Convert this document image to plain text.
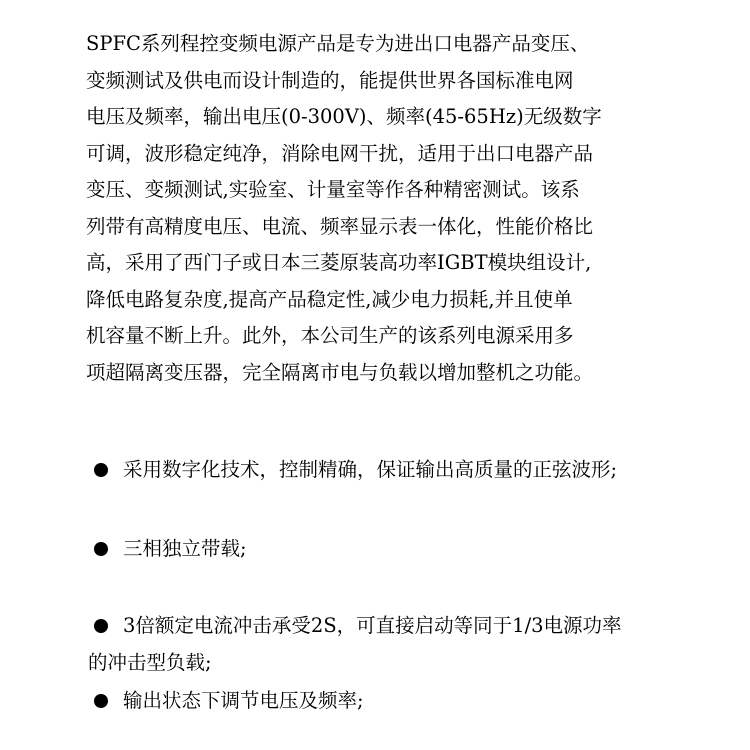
SPFC系列程控变频电源产品是专为进出口电器产品变压、
变频测试及供电而设计制造的，能提供世界各国标准电网
电压及频率，输出电压(0-300V)、频率(45-65Hz)无级数字
可调，波形稳定纯净，消除电网干扰，适用于出口电器产品
变压、变频测试,实验室、计量室等作各种精密测试。该系
列带有高精度电压、电流、频率显示表一体化，性能价格比
高，采用了西门子或日本三菱原装高功率IGBT模块组设计,
降低电路复杂度,提高产品稳定性,减少电力损耗,并且使单
机容量不断上升。此外，本公司生产的该系列电源采用多
项超隔离变压器，完全隔离市电与负载以增加整机之功能。
采用数字化技术，控制精确，保证输出高质量的正弦波形;
三相独立带载;
3倍额定电流冲击承受2S，可直接启动等同于1/3电源功率
的冲击型负载;
输出状态下调节电压及频率;
